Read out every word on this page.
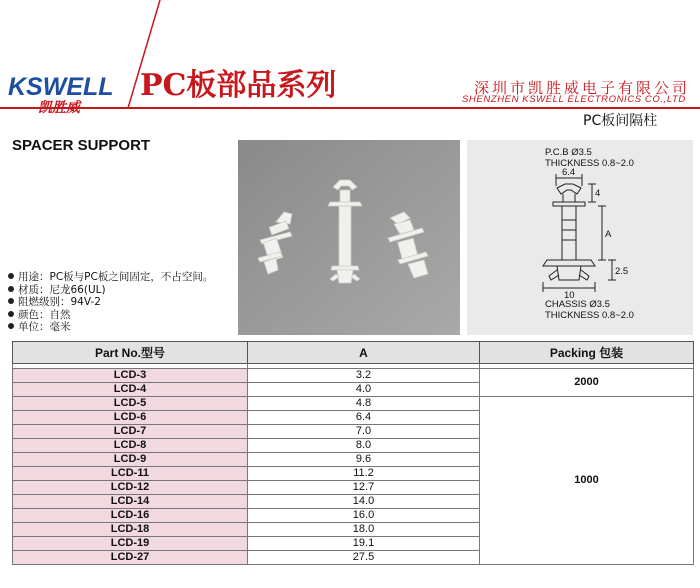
KSWELL
凯胜威
PC板部品系列	深圳市凯胜威电子有限公司
SHENZHEN KSWELL ELECTRONICS CO.,LTD
PC板间隔柱
SPACER SUPPORT
用途：PC板与PC板之间固定，不占空间。
材质：尼龙66(UL)
阻燃级别：94V-2
颜色：自然
单位：毫米
P.C.B Ø3.5
THICKNESS 0.8~2.0
CHASSIS Ø3.5
THICKNESS 0.8~2.0
6.4
4
A
2.5
10
Part No.型号	A	Packing 包装

LCD-3	3.2	2000
LCD-4	4.0	
LCD-5	4.8	1000
LCD-6	6.4	
LCD-7	7.0	
LCD-8	8.0	
LCD-9	9.6	
LCD-11	11.2	
LCD-12	12.7	
LCD-14	14.0	
LCD-16	16.0	
LCD-18	18.0	
LCD-19	19.1	
LCD-27	27.5	
